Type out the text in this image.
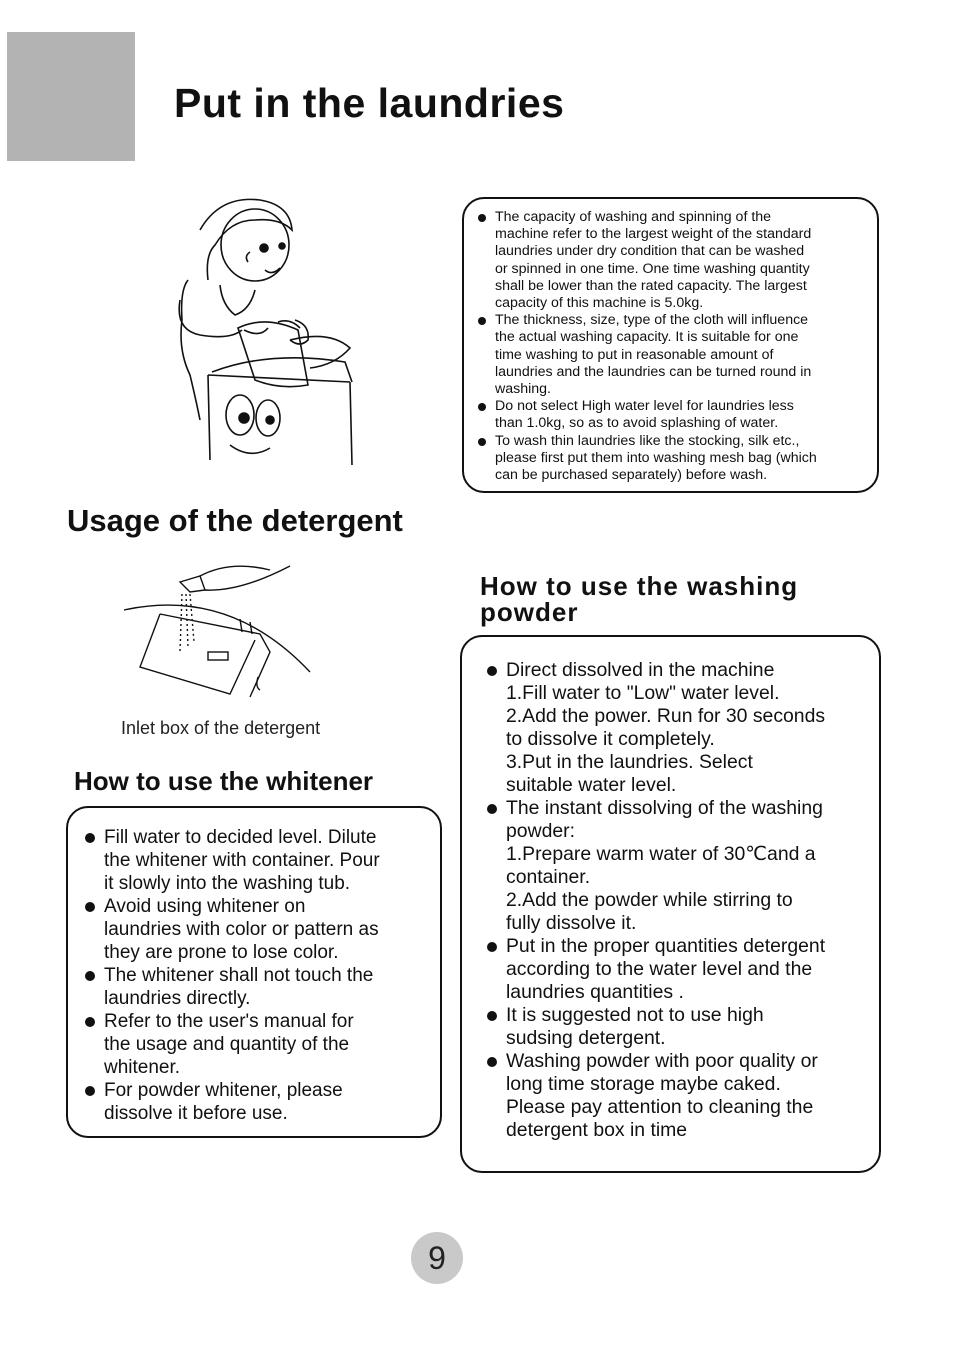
Put in the laundries
The capacity of washing and spinning of the
machine refer to the largest weight of the standard
laundries under dry condition that can be washed
or spinned in one time. One time washing quantity
shall be lower than the rated capacity. The largest
capacity of this machine is 5.0kg.
The thickness, size, type of the cloth will influence
the actual washing capacity. It is suitable for one
time washing to put in reasonable amount of
laundries and the laundries can be turned round in
washing.
Do not select High water level for laundries less
than 1.0kg, so as to avoid splashing of water.
To wash thin laundries like the stocking, silk etc.,
please first put them into washing mesh bag (which
can be purchased separately) before wash.
Usage of the detergent

Inlet box of the detergent

How to use the whitener
Fill water to decided level. Dilute
the whitener with container. Pour
it slowly into the washing tub.
Avoid using whitener on
laundries with color or pattern as
they are prone to lose color.
The whitener shall not touch the
laundries directly.
Refer to the user's manual for
the usage and quantity of the
whitener.
For powder whitener, please
dissolve it before use.
How to use the washing
powder
Direct dissolved in the machine
1.Fill water to "Low" water level.
2.Add the power. Run for 30 seconds
to dissolve it completely.
3.Put in the laundries. Select
suitable water level.
The instant dissolving of the washing
powder:
1.Prepare warm water of 30℃and a
container.
2.Add the powder while stirring to
fully dissolve it.
Put in the proper quantities detergent
according to the water level and the
laundries quantities .
It is suggested not to use high
sudsing detergent.
Washing powder with poor quality or
long time storage maybe caked.
Please pay attention to cleaning the
detergent box in time
9
